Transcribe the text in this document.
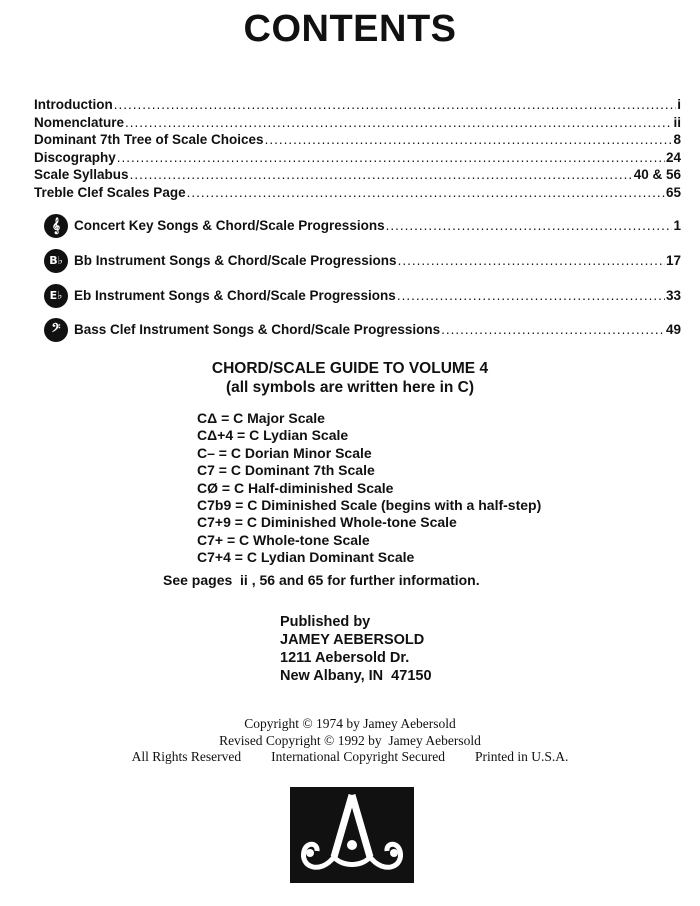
CONTENTS
Introduction .....	i
Nomenclature .....	ii
Dominant 7th Tree of Scale Choices .....	8
Discography .....	24
Scale Syllabus .....	40 & 56
Treble Clef Scales Page .....	65
𝄞	Concert Key Songs & Chord/Scale Progressions .....	1
B♭ Bb Instrument Songs & Chord/Scale Progressions .....	17
E♭ Eb Instrument Songs & Chord/Scale Progressions .....	33
𝄢	Bass Clef Instrument Songs & Chord/Scale Progressions .....	49
CHORD/SCALE GUIDE TO VOLUME 4
(all symbols are written here in C)
CΔ = C Major Scale
CΔ+4 = C Lydian Scale
C– = C Dorian Minor Scale
C7 = C Dominant 7th Scale
CØ = C Half-diminished Scale
C7b9 = C Diminished Scale (begins with a half-step)
C7+9 = C Diminished Whole-tone Scale
C7+ = C Whole-tone Scale
C7+4 = C Lydian Dominant Scale
See pages  ii , 56 and 65 for further information.
Published by
JAMEY AEBERSOLD
1211 Aebersold Dr.
New Albany, IN  47150
Copyright © 1974 by Jamey Aebersold
Revised Copyright © 1992 by  Jamey Aebersold
All Rights Reserved International Copyright Secured Printed in U.S.A.
